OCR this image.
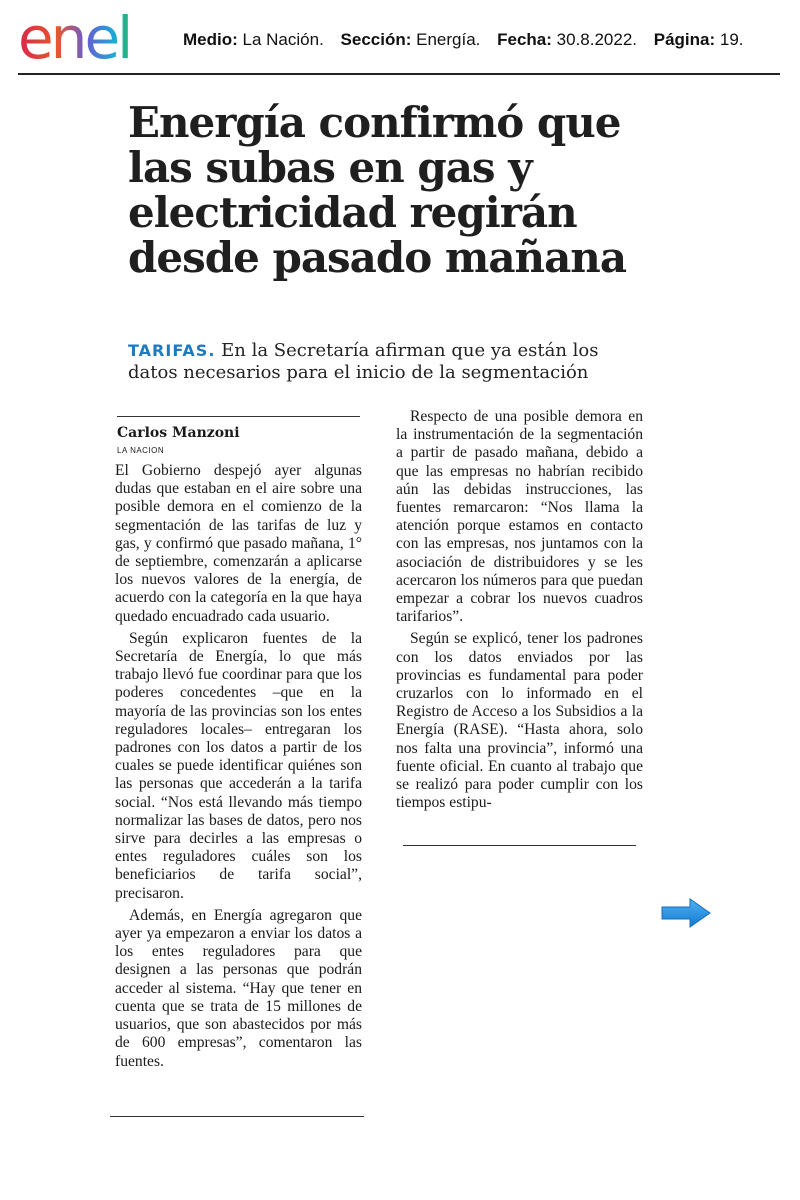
enel	Medio: La Nación. Sección: Energía. Fecha: 30.8.2022. Página: 19.
Energía confirmó que las subas en gas y electricidad regirán desde pasado mañana
TARIFAS. En la Secretaría afirman que ya están los datos necesarios para el inicio de la segmentación
Carlos Manzoni
LA NACION

El Gobierno despejó ayer algunas dudas que estaban en el aire sobre una posible demora en el comienzo de la segmentación de las tarifas de luz y gas, y confirmó que pasado mañana, 1° de septiembre, comenzarán a aplicarse los nuevos valores de la energía, de acuerdo con la categoría en la que haya quedado encuadrado cada usuario.

Según explicaron fuentes de la Secretaría de Energía, lo que más trabajo llevó fue coordinar para que los poderes concedentes –que en la mayoría de las provincias son los entes reguladores locales– entregaran los padrones con los datos a partir de los cuales se puede identificar quiénes son las personas que accederán a la tarifa social. “Nos está llevando más tiempo normalizar las bases de datos, pero nos sirve para decirles a las empresas o entes reguladores cuáles son los beneficiarios de tarifa social”, precisaron.

Además, en Energía agregaron que ayer ya empezaron a enviar los datos a los entes reguladores para que designen a las personas que podrán acceder al sistema. “Hay que tener en cuenta que se trata de 15 millones de usuarios, que son abastecidos por más de 600 empresas”, comentaron las fuentes.

Respecto de una posible demora en la instrumentación de la segmentación a partir de pasado mañana, debido a que las empresas no habrían recibido aún las debidas instrucciones, las fuentes remarcaron: “Nos llama la atención porque estamos en contacto con las empresas, nos juntamos con la asociación de distribuidores y se les acercaron los números para que puedan empezar a cobrar los nuevos cuadros tarifarios”.

Según se explicó, tener los padrones con los datos enviados por las provincias es fundamental para poder cruzarlos con lo informado en el Registro de Acceso a los Subsidios a la Energía (RASE). “Hasta ahora, solo nos falta una provincia”, informó una fuente oficial. En cuanto al trabajo que se realizó para poder cumplir con los tiempos estipu-
